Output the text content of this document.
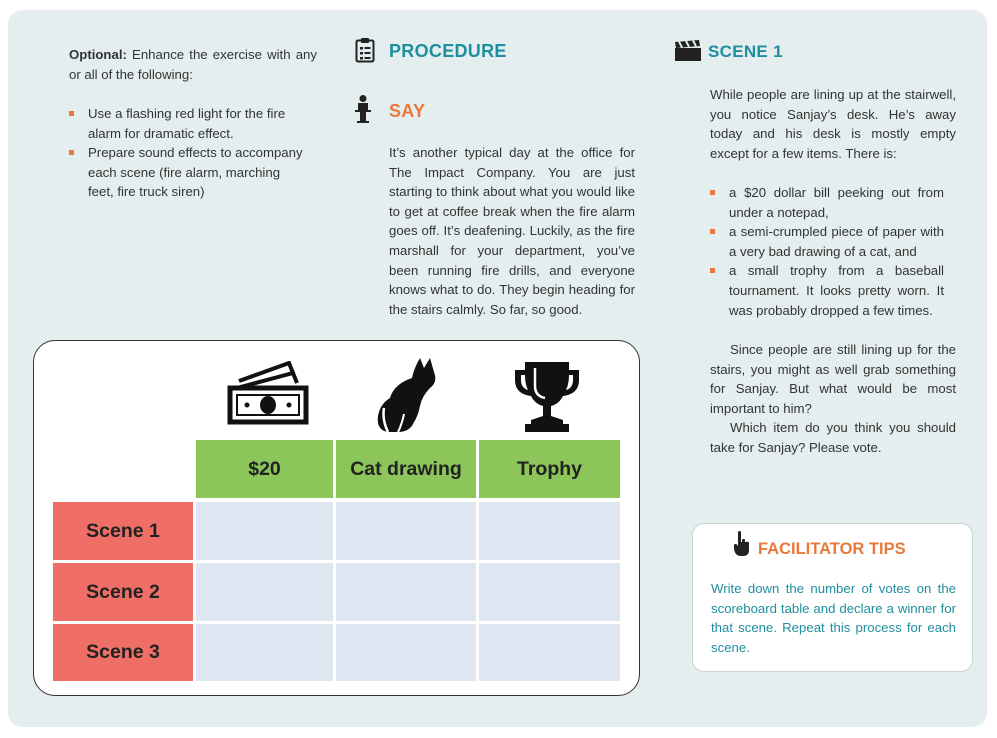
Optional: Enhance the exercise with any or all of the following:
Use a flashing red light for the fire alarm for dramatic effect.
Prepare sound effects to accompany each scene (fire alarm, marching feet, fire truck siren)
PROCEDURE
SAY
It’s another typical day at the office for The Impact Company. You are just starting to think about what you would like to get at coffee break when the fire alarm goes off. It’s deafening. Luckily, as the fire marshall for your department, you’ve been running fire drills, and everyone knows what to do. They begin heading for the stairs calmly. So far, so good.
SCENE 1
While people are lining up at the stairwell, you notice Sanjay’s desk. He’s away today and his desk is mostly empty except for a few items. There is:
a $20 dollar bill peeking out from under a notepad,
a semi-crumpled piece of paper with a very bad drawing of a cat, and
a small trophy from a baseball tournament. It looks pretty worn. It was probably dropped a few times.

Since people are still lining up for the stairs, you might as well grab something for Sanjay. But what would be most important to him?

Which item do you think you should take for Sanjay? Please vote.

FACILITATOR TIPS
Write down the number of votes on the scoreboard table and declare a winner for that scene. Repeat this process for each scene.
$20	Cat drawing	Trophy
Scene 1
Scene 2
Scene 3
